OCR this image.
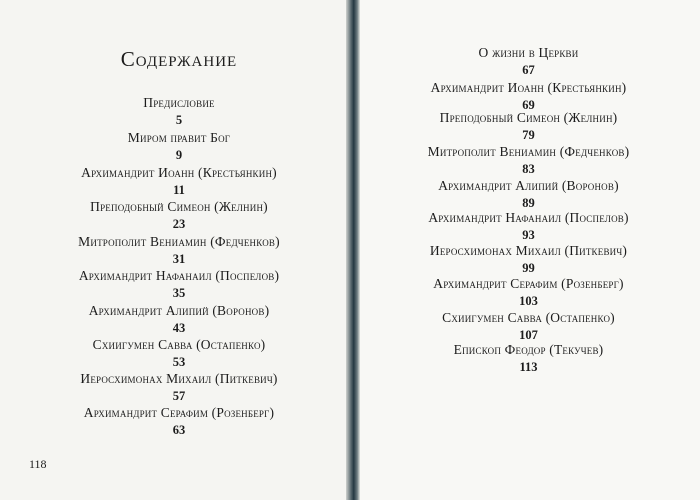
Содержание
Предисловие
5
Миром правит Бог
9
Архимандрит Иоанн (Крестьянкин)
11
Преподобный Симеон (Желнин)
23
Митрополит Вениамин (Федченков)
31
Архимандрит Нафанаил (Поспелов)
35
Архимандрит Алипий (Воронов)
43
Схиигумен Савва (Остапенко)
53
Иеросхимонах Михаил (Питкевич)
57
Архимандрит Серафим (Розенберг)
63
118
О жизни в Церкви
67
Архимандрит Иоанн (Крестьянкин)
69
Преподобный Симеон (Желнин)
79
Митрополит Вениамин (Федченков)
83
Архимандрит Алипий (Воронов)
89
Архимандрит Нафанаил (Поспелов)
93
Иеросхимонах Михаил (Питкевич)
99
Архимандрит Серафим (Розенберг)
103
Схиигумен Савва (Остапенко)
107
Епископ Феодор (Текучев)
113
